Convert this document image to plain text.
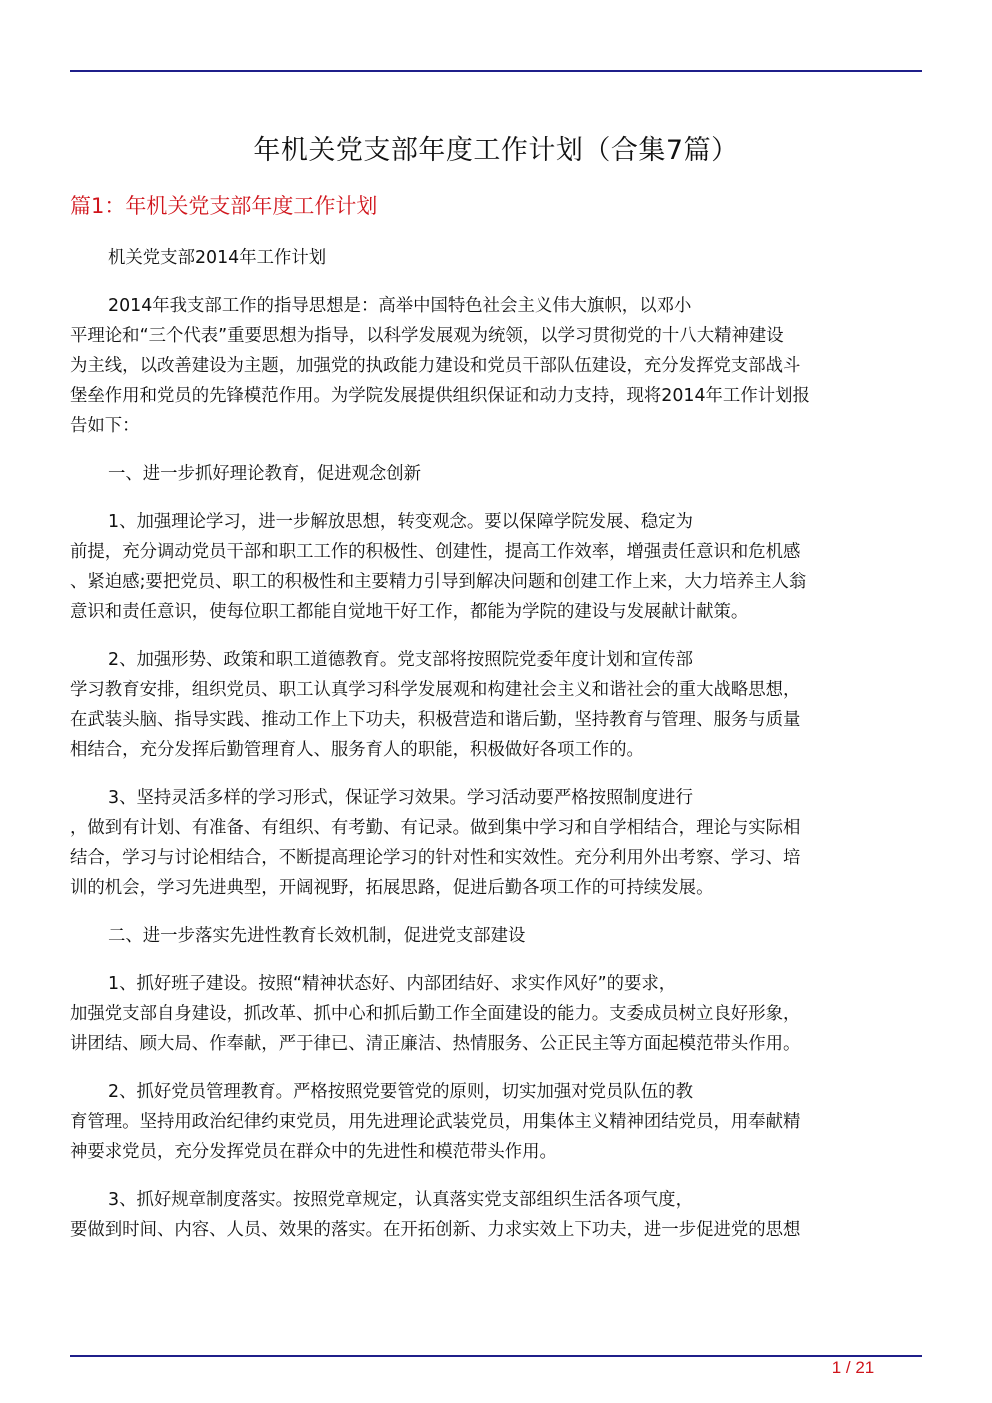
年机关党支部年度工作计划（合集7篇）
篇1：年机关党支部年度工作计划
机关党支部2014年工作计划
2014年我支部工作的指导思想是：高举中国特色社会主义伟大旗帜，以邓小
平理论和“三个代表”重要思想为指导，以科学发展观为统领，以学习贯彻党的十八大精神建设
为主线，以改善建设为主题，加强党的执政能力建设和党员干部队伍建设，充分发挥党支部战斗
堡垒作用和党员的先锋模范作用。为学院发展提供组织保证和动力支持，现将2014年工作计划报
告如下：
一、进一步抓好理论教育，促进观念创新
1、加强理论学习，进一步解放思想，转变观念。要以保障学院发展、稳定为
前提，充分调动党员干部和职工工作的积极性、创建性，提高工作效率，增强责任意识和危机感
、紧迫感;要把党员、职工的积极性和主要精力引导到解决问题和创建工作上来，大力培养主人翁
意识和责任意识，使每位职工都能自觉地干好工作，都能为学院的建设与发展献计献策。
2、加强形势、政策和职工道德教育。党支部将按照院党委年度计划和宣传部
学习教育安排，组织党员、职工认真学习科学发展观和构建社会主义和谐社会的重大战略思想，
在武装头脑、指导实践、推动工作上下功夫，积极营造和谐后勤，坚持教育与管理、服务与质量
相结合，充分发挥后勤管理育人、服务育人的职能，积极做好各项工作的。
3、坚持灵活多样的学习形式，保证学习效果。学习活动要严格按照制度进行
，做到有计划、有准备、有组织、有考勤、有记录。做到集中学习和自学相结合，理论与实际相
结合，学习与讨论相结合，不断提高理论学习的针对性和实效性。充分利用外出考察、学习、培
训的机会，学习先进典型，开阔视野，拓展思路，促进后勤各项工作的可持续发展。
二、进一步落实先进性教育长效机制，促进党支部建设
1、抓好班子建设。按照“精神状态好、内部团结好、求实作风好”的要求，
加强党支部自身建设，抓改革、抓中心和抓后勤工作全面建设的能力。支委成员树立良好形象，
讲团结、顾大局、作奉献，严于律已、清正廉洁、热情服务、公正民主等方面起模范带头作用。
2、抓好党员管理教育。严格按照党要管党的原则，切实加强对党员队伍的教
育管理。坚持用政治纪律约束党员，用先进理论武装党员，用集体主义精神团结党员，用奉献精
神要求党员，充分发挥党员在群众中的先进性和模范带头作用。
3、抓好规章制度落实。按照党章规定，认真落实党支部组织生活各项气度，
要做到时间、内容、人员、效果的落实。在开拓创新、力求实效上下功夫，进一步促进党的思想
1 / 21
